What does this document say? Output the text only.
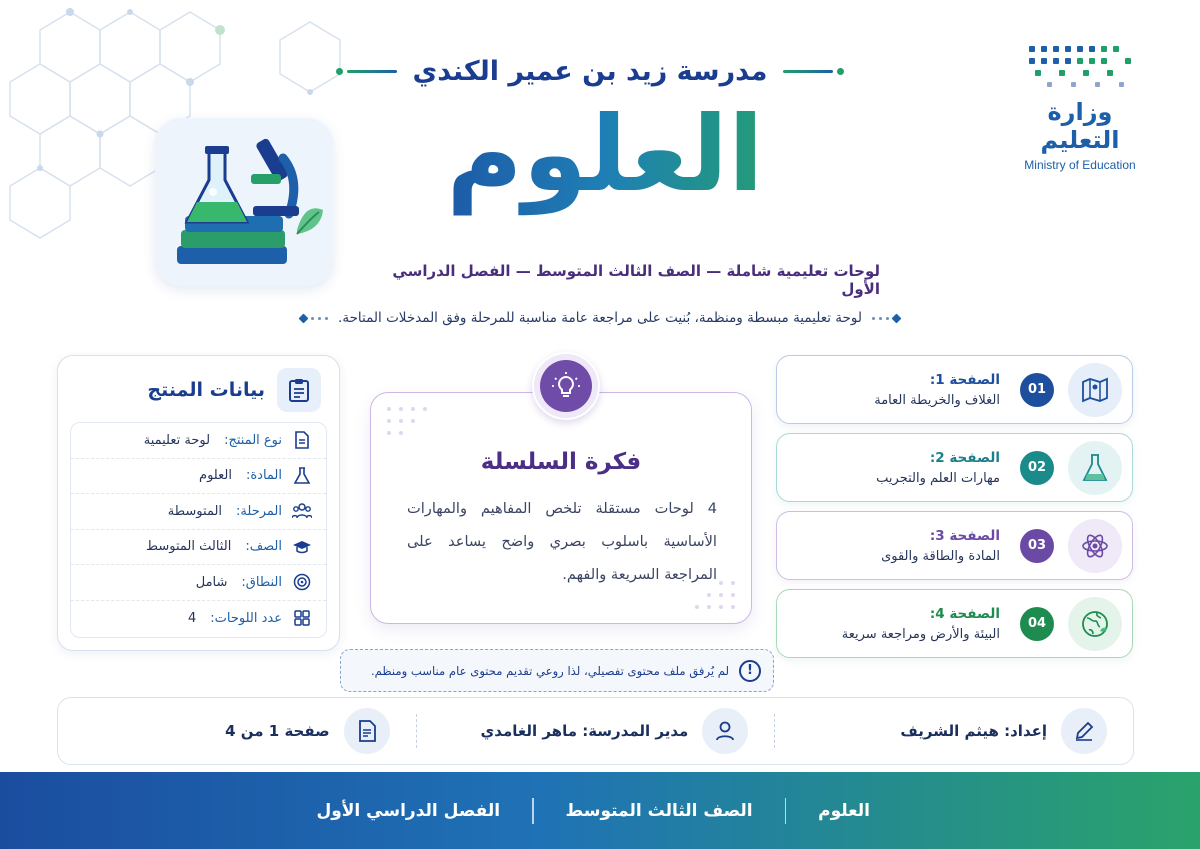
وزارة التعليم
Ministry of Education
مدرسة زيد بن عمير الكندي
العلوم
لوحات تعليمية شاملة — الصف الثالث المتوسط — الفصل الدراسي الأول
لوحة تعليمية مبسطة ومنظمة، بُنيت على مراجعة عامة مناسبة للمرحلة وفق المدخلات المتاحة.
بيانات المنتج
نوع المنتج:
لوحة تعليمية
المادة:
العلوم
المرحلة:
المتوسطة
الصف:
الثالث المتوسط
النطاق:
شامل
عدد اللوحات:
4
فكرة السلسلة
4 لوحات مستقلة تلخص المفاهيم والمهارات الأساسية باسلوب بصري واضح يساعد على المراجعة السريعة والفهم.
01
الصفحة 1:
الغلاف والخريطة العامة
02
الصفحة 2:
مهارات العلم والتجريب
03
الصفحة 3:
المادة والطاقة والقوى
04
الصفحة 4:
البيئة والأرض ومراجعة سريعة
!
لم يُرفق ملف محتوى تفصيلي، لذا روعي تقديم محتوى عام مناسب ومنظم.
إعداد: هيثم الشريف
مدير المدرسة: ماهر الغامدي
صفحة 1 من 4
العلوم
الصف الثالث المتوسط
الفصل الدراسي الأول
